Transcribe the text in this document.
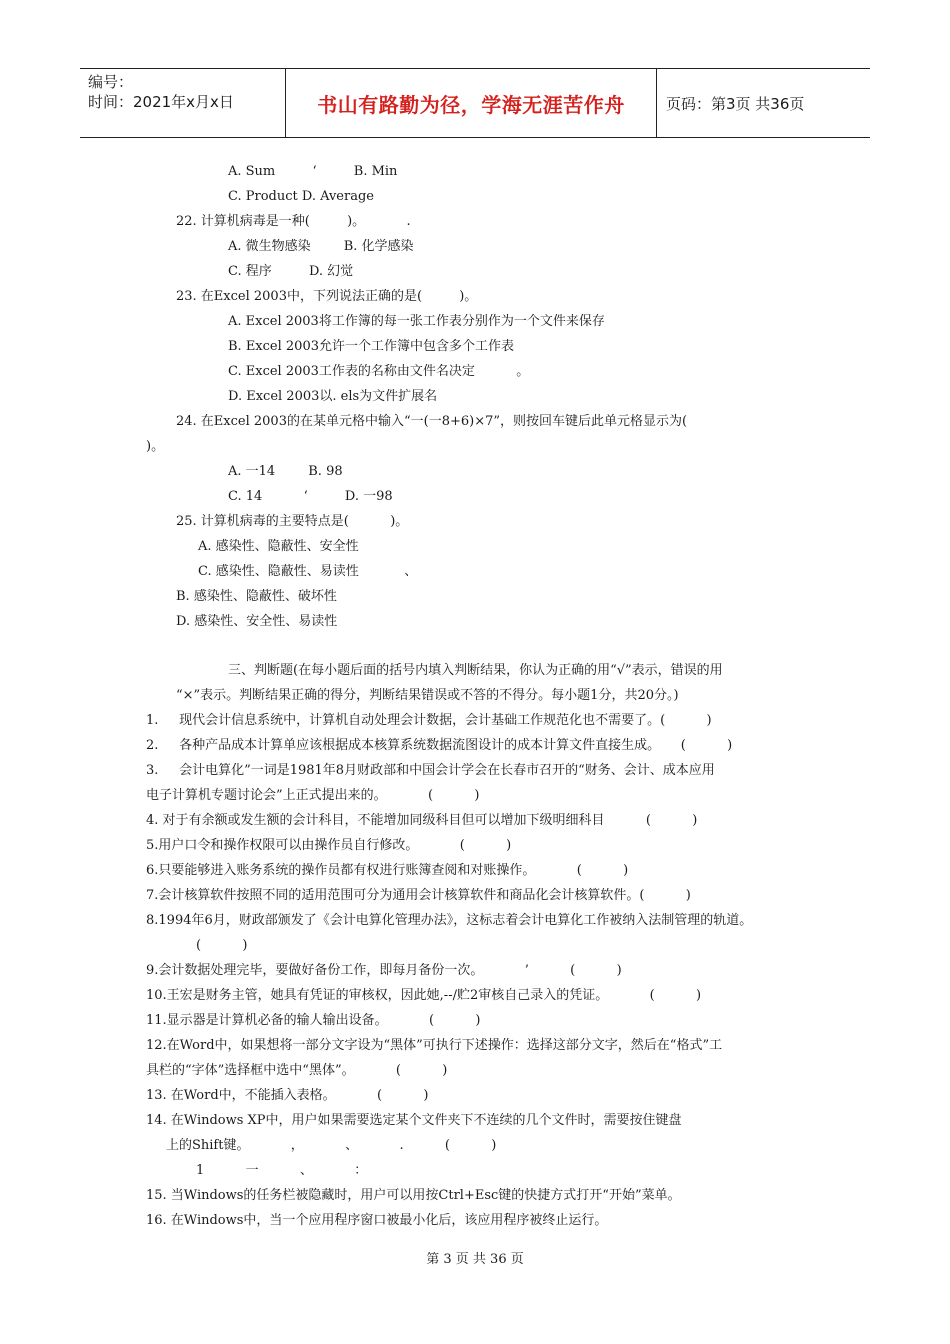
编号：
时间：2021年x月x日	书山有路勤为径，学海无涯苦作舟	页码：第3页 共36页
A. Sum         ‘         B. Min
C. Product D. Average
22. 计算机病毒是一种(         )。          .
A. 微生物感染        B. 化学感染
C. 程序         D. 幻觉
23. 在Excel 2003中，下列说法正确的是(         )。
A. Excel 2003将工作簿的每一张工作表分别作为一个文件来保存
B. Excel 2003允许一个工作簿中包含多个工作表
C. Excel 2003工作表的名称由文件名决定          。
D. Excel 2003以. els为文件扩展名
24. 在Excel 2003的在某单元格中输入“一(一8+6)×7”，则按回车键后此单元格显示为(
)。
A. 一14        B. 98
C. 14          ‘         D. 一98
25. 计算机病毒的主要特点是(          )。
A. 感染性、隐蔽性、安全性
C. 感染性、隐蔽性、易读性           、
B. 感染性、隐蔽性、破坏性
D. 感染性、安全性、易读性
三、判断题(在每小题后面的括号内填入判断结果，你认为正确的用“√”表示，错误的用
“×”表示。判断结果正确的得分，判断结果错误或不答的不得分。每小题1分，共20分。)
1.     现代会计信息系统中，计算机自动处理会计数据，会计基础工作规范化也不需要了。(          )
2.     各种产品成本计算单应该根据成本核算系统数据流图设计的成本计算文件直接生成。     (          )
3.     会计电算化”一词是1981年8月财政部和中国会计学会在长春市召开的“财务、会计、成本应用
电子计算机专题讨论会”上正式提出来的。          (          )
4. 对于有余额或发生额的会计科目，不能增加同级科目但可以增加下级明细科目          (          )
5.用户口令和操作权限可以由操作员自行修改。          (          )
6.只要能够进入账务系统的操作员都有权进行账簿查阅和对账操作。          (          )
7.会计核算软件按照不同的适用范围可分为通用会计核算软件和商品化会计核算软件。(          )
8.1994年6月，财政部颁发了《会计电算化管理办法》，这标志着会计电算化工作被纳入法制管理的轨道。
(          )
9.会计数据处理完毕，要做好备份工作，即每月备份一次。          ’          (          )
10.王宏是财务主管，她具有凭证的审核权，因此她,--/贮2审核自己录入的凭证。          (          )
11.显示器是计算机必备的输人输出设备。          (          )
12.在Word中，如果想将一部分文字设为“黑体”可执行下述操作：选择这部分文字，然后在“格式”工
具栏的“字体”选择框中选中“黑体”。          (          )
13. 在Word中，不能插入表格。          (          )
14. 在Windows XP中，用户如果需要选定某个文件夹下不连续的几个文件时，需要按住键盘
上的Shift键。          ，          、          .          (          )
1          一          、          ：
15. 当Windows的任务栏被隐藏时，用户可以用按Ctrl+Esc键的快捷方式打开“开始”菜单。
16. 在Windows中，当一个应用程序窗口被最小化后，该应用程序被终止运行。
第 3 页 共 36 页
